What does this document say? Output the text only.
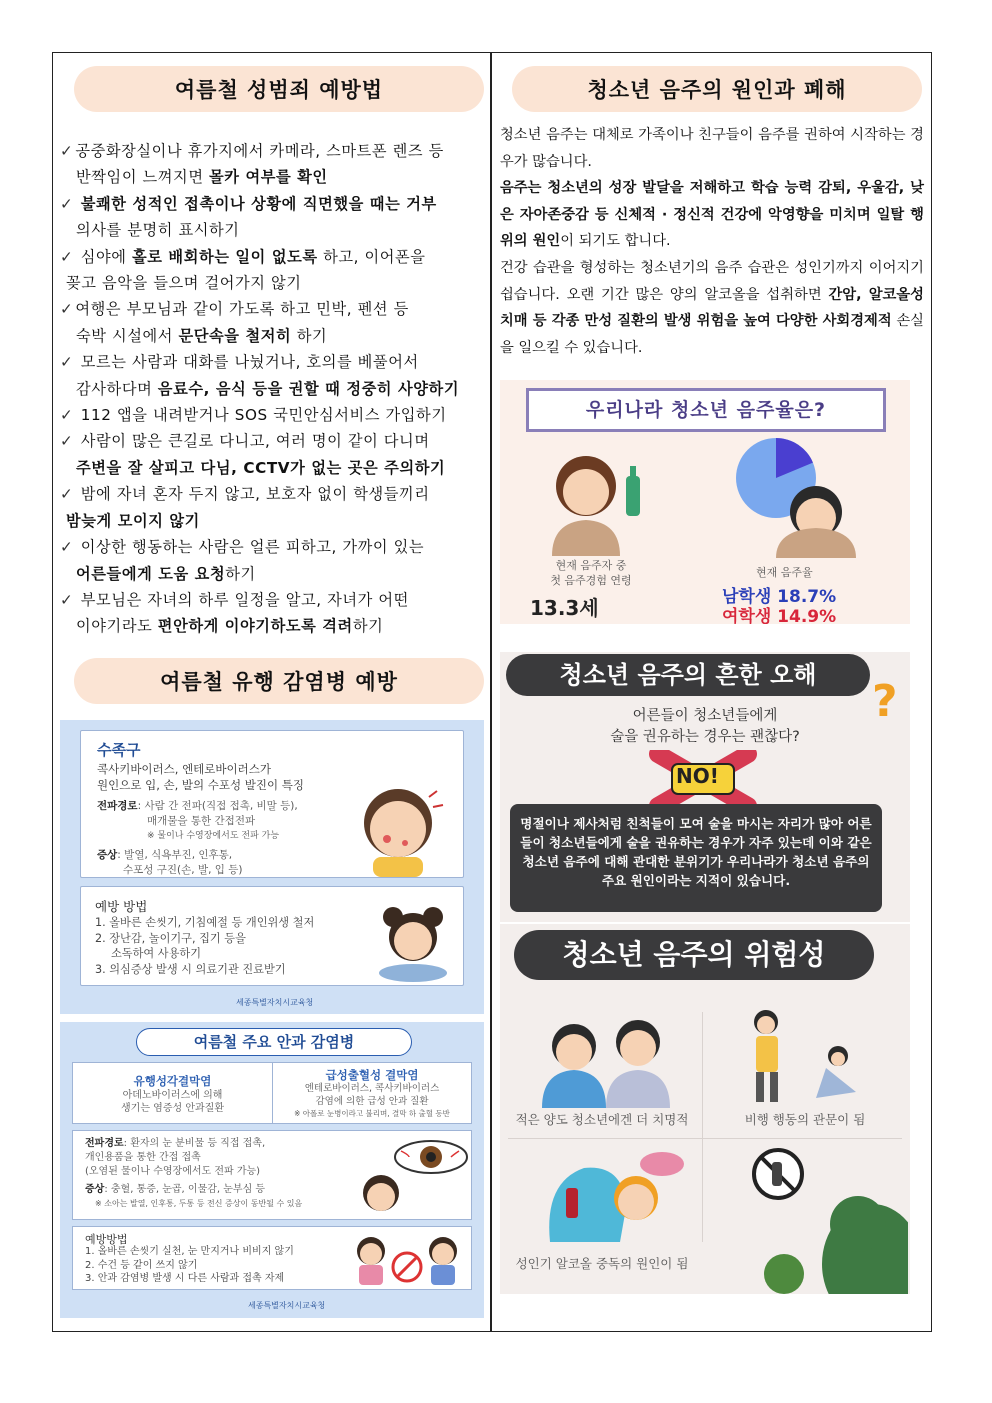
여름철 성범죄 예방법
✓ 공중화장실이나 휴가지에서 카메라, 스마트폰 렌즈 등
반짝임이 느껴지면 몰카 여부를 확인
✓ 불쾌한 성적인 접촉이나 상황에 직면했을 때는 거부
의사를 분명히 표시하기
✓ 심야에 홀로 배회하는 일이 없도록 하고, 이어폰을
꽂고 음악을 들으며 걸어가지 않기
✓ 여행은 부모님과 같이 가도록 하고 민박, 펜션 등
숙박 시설에서 문단속을 철저히 하기
✓ 모르는 사람과 대화를 나눴거나, 호의를 베풀어서
감사하다며 음료수, 음식 등을 권할 때 정중히 사양하기
✓ 112 앱을 내려받거나 SOS 국민안심서비스 가입하기
✓ 사람이 많은 큰길로 다니고, 여러 명이 같이 다니며
주변을 잘 살피고 다님, CCTV가 없는 곳은 주의하기
✓ 밤에 자녀 혼자 두지 않고, 보호자 없이 학생들끼리
밤늦게 모이지 않기
✓ 이상한 행동하는 사람은 얼른 피하고, 가까이 있는
어른들에게 도움 요청하기
✓ 부모님은 자녀의 하루 일정을 알고, 자녀가 어떤
이야기라도 편안하게 이야기하도록 격려하기
여름철 유행 감염병 예방
수족구
콕사키바이러스, 엔테로바이러스가
원인으로 입, 손, 발의 수포성 발진이 특징
전파경로: 사람 간 전파(직접 접촉, 비말 등),
매개물을 통한 간접전파
※ 물이나 수영장에서도 전파 가능
증상: 발열, 식욕부진, 인후통,
수포성 구진(손, 발, 입 등)
예방 방법
1. 올바른 손씻기, 기침예절 등 개인위생 철저
2. 장난감, 놀이기구, 집기 등을
소독하여 사용하기
3. 의심증상 발생 시 의료기관 진료받기
세종특별자치시교육청
여름철 주요 안과 감염병
유행성각결막염
아데노바이러스에 의해
생기는 염증성 안과질환
급성출혈성 결막염
엔테로바이러스, 콕사키바이러스
감염에 의한 급성 안과 질환
※ 아폴로 눈병이라고 불리며, 결막 하 출혈 동반
전파경로: 환자의 눈 분비물 등 직접 접촉,
개인용품을 통한 간접 접촉
(오염된 물이나 수영장에서도 전파 가능)
증상: 충혈, 통증, 눈곱, 이물감, 눈부심 등
※ 소아는 발열, 인후통, 두통 등 전신 증상이 동반될 수 있음
예방방법
1. 올바른 손씻기 실천, 눈 만지거나 비비지 않기
2. 수건 등 같이 쓰지 않기
3. 안과 감염병 발생 시 다른 사람과 접촉 자제
세종특별자치시교육청
청소년 음주의 원인과 폐해

청소년 음주는 대체로 가족이나 친구들이 음주를 권하여 시작하는 경우가 많습니다.

음주는 청소년의 성장 발달을 저해하고 학습 능력 감퇴, 우울감, 낮은 자아존중감 등 신체적 · 정신적 건강에 악영향을 미치며 일탈 행위의 원인이 되기도 합니다.

건강 습관을 형성하는 청소년기의 음주 습관은 성인기까지 이어지기 쉽습니다. 오랜 기간 많은 양의 알코올을 섭취하면 간암, 알코올성 치매 등 각종 만성 질환의 발생 위험을 높여 다양한 사회경제적 손실을 일으킬 수 있습니다.

우리나라 청소년 음주율은?
현재 음주자 중
첫 음주경험 연령
13.3세
현재 음주율
남학생 18.7%
여학생 14.9%
청소년 음주의 흔한 오해
?
어른들이 청소년들에게
술을 권유하는 경우는 괜찮다?
NO!
명절이나 제사처럼 친척들이 모여 술을 마시는 자리가 많아 어른들이 청소년들에게 술을 권유하는 경우가 자주 있는데 이와 같은 청소년 음주에 대해 관대한 분위기가 우리나라가 청소년 음주의 주요 원인이라는 지적이 있습니다.
청소년 음주의 위험성
적은 양도 청소년에겐 더 치명적	비행 행동의 관문이 됨
성인기 알코올 중독의 원인이 됨
